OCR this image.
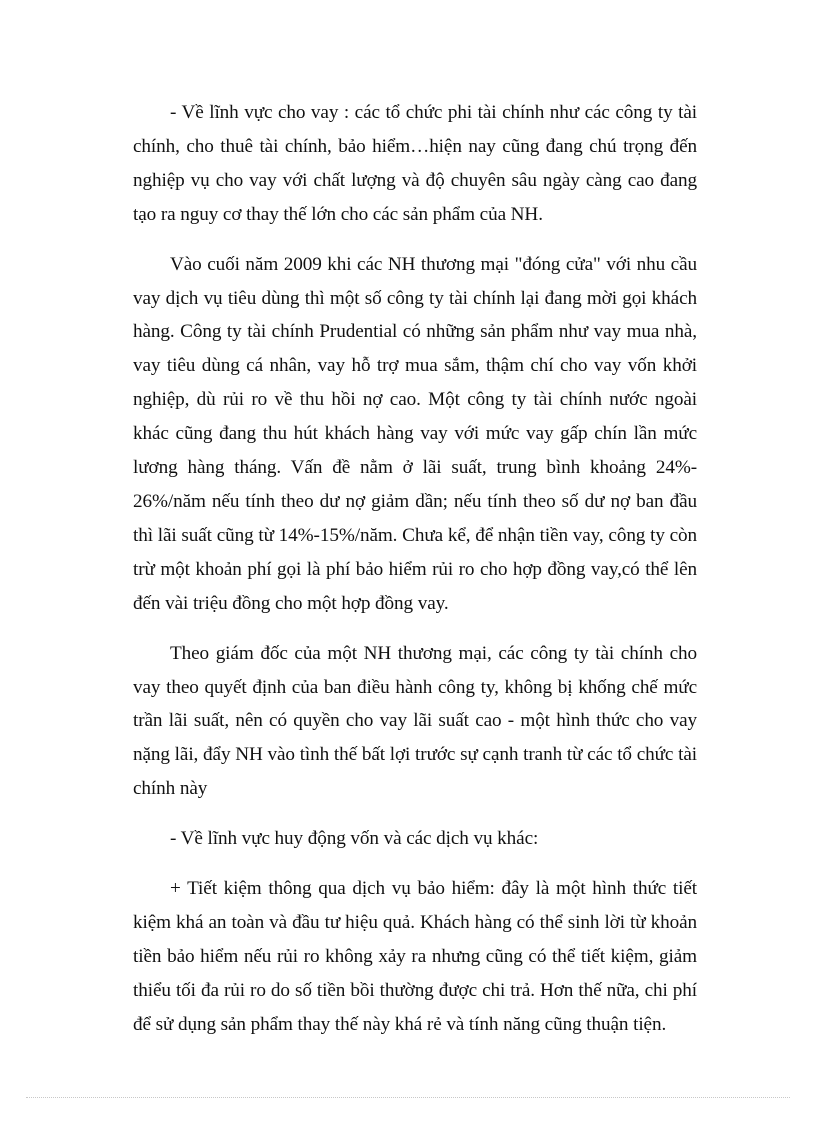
- Về lĩnh vực cho vay : các tổ chức phi tài chính như các công ty tài chính, cho thuê tài chính, bảo hiểm…hiện nay cũng đang chú trọng đến nghiệp vụ cho vay với chất lượng và độ chuyên sâu ngày càng cao đang tạo ra nguy cơ thay thế lớn cho các sản phẩm của NH.

Vào cuối năm 2009 khi các NH thương mại "đóng cửa" với nhu cầu vay dịch vụ tiêu dùng thì một số công ty tài chính lại đang mời gọi khách hàng. Công ty tài chính Prudential có những sản phẩm như vay mua nhà, vay tiêu dùng cá nhân, vay hỗ trợ mua sắm, thậm chí cho vay vốn khởi nghiệp, dù rủi ro về thu hồi nợ cao. Một công ty tài chính nước ngoài khác cũng đang thu hút khách hàng vay với mức vay gấp chín lần mức lương hàng tháng. Vấn đề nằm ở lãi suất, trung bình khoảng 24%- 26%/năm nếu tính theo dư nợ giảm dần; nếu tính theo số dư nợ ban đầu thì lãi suất cũng từ 14%-15%/năm. Chưa kể, để nhận tiền vay, công ty còn trừ một khoản phí gọi là phí bảo hiểm rủi ro cho hợp đồng vay,có thể lên đến vài triệu đồng cho một hợp đồng vay.

Theo giám đốc của một NH thương mại, các công ty tài chính cho vay theo quyết định của ban điều hành công ty, không bị khống chế mức trần lãi suất, nên có quyền cho vay lãi suất cao - một hình thức cho vay nặng lãi, đẩy NH vào tình thế bất lợi trước sự cạnh tranh từ các tổ chức tài chính này

- Về lĩnh vực huy động vốn và các dịch vụ khác:

+ Tiết kiệm thông qua dịch vụ bảo hiểm: đây là một hình thức tiết kiệm khá an toàn và đầu tư hiệu quả. Khách hàng có thể sinh lời từ khoản tiền bảo hiểm nếu rủi ro không xảy ra nhưng cũng có thể tiết kiệm, giảm thiểu tối đa rủi ro do số tiền bồi thường được chi trả. Hơn thế nữa, chi phí để sử dụng sản phẩm thay thế này khá rẻ và tính năng cũng thuận tiện.
